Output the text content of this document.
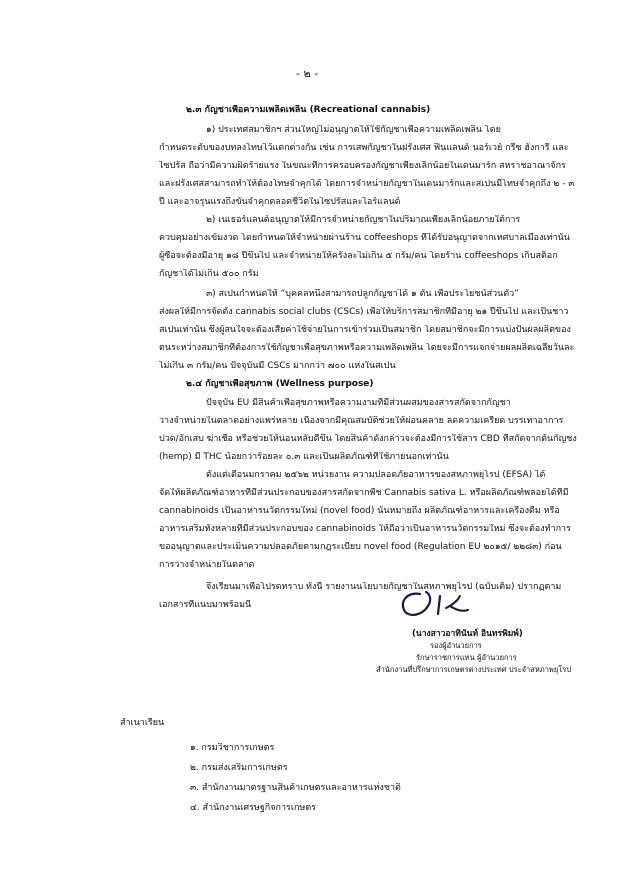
- ๒ -
๒.๓ กัญชาเพื่อความเพลิดเพลิน (Recreational cannabis)
๑) ประเทศสมาชิกฯ ส่วนใหญ่ไม่อนุญาตให้ใช้กัญชาเพื่อความเพลิดเพลิน โดย
กำหนดระดับของบทลงโทษไว้แตกต่างกัน เช่น การเสพกัญชาในฝรั่งเศส ฟินแลนด์ นอร์เวย์ กรีซ ฮังการี และ
ไซปรัส ถือว่ามีความผิดร้ายแรง ในขณะที่การครอบครองกัญชาเพียงเล็กน้อยในเดนมาร์ก สหราชอาณาจักร
และฝรั่งเศสสามารถทำให้ต้องโทษจำคุกได้ โดยการจำหน่ายกัญชาในเดนมาร์กและสเปนมีโทษจำคุกถึง ๒ - ๓
ปี และอาจรุนแรงถึงขั้นจำคุกตลอดชีวิตในไซปรัสและไอร์แลนด์
๒) เนเธอร์แลนด์อนุญาตให้มีการจำหน่ายกัญชาในปริมาณเพียงเล็กน้อยภายใต้การ
ควบคุมอย่างเข้มงวด โดยกำหนดให้จำหน่ายผ่านร้าน coffeeshops ที่ได้รับอนุญาตจากเทศบาลเมืองเท่านั้น
ผู้ซื้อจะต้องมีอายุ ๑๘ ปีขึ้นไป และจำหน่ายให้ครั้งละไม่เกิน ๕ กรัม/คน โดยร้าน coffeeshops เก็บสต็อก
กัญชาได้ไม่เกิน ๕๐๐ กรัม
๓) สเปนกำหนดให้ “บุคคลหนึ่งสามารถปลูกกัญชาได้ ๑ ต้น เพื่อประโยชน์ส่วนตัว”
ส่งผลให้มีการจัดตั้ง cannabis social clubs (CSCs) เพื่อให้บริการสมาชิกที่มีอายุ ๒๑ ปีขึ้นไป และเป็นชาว
สเปนเท่านั้น ซึ่งผู้สนใจจะต้องเสียค่าใช้จ่ายในการเข้าร่วมเป็นสมาชิก โดยสมาชิกจะมีการแบ่งปันผลผลิตของ
ตนระหว่างสมาชิกที่ต้องการใช้กัญชาเพื่อสุขภาพหรือความเพลิดเพลิน โดยจะมีการแจกจ่ายผลผลิตเฉลี่ยวันละ
ไม่เกิน ๓ กรัม/คน ปัจจุบันมี CSCs มากกว่า ๗๐๐ แห่งในสเปน
๒.๔ กัญชาเพื่อสุขภาพ (Wellness purpose)
ปัจจุบัน EU มีสินค้าเพื่อสุขภาพหรือความงามที่มีส่วนผสมของสารสกัดจากกัญชา
วางจำหน่ายในตลาดอย่างแพร่หลาย เนื่องจากมีคุณสมบัติช่วยให้ผ่อนคลาย ลดความเครียด บรรเทาอาการ
ปวด/อักเสบ ฆ่าเชื้อ หรือช่วยให้นอนหลับดีขึ้น โดยสินค้าดังกล่าวจะต้องมีการใช้สาร CBD ที่สกัดจากต้นกัญชง
(hemp) มี THC น้อยกว่าร้อยละ ๐.๓ และเป็นผลิตภัณฑ์ที่ใช้ภายนอกเท่านั้น
ตั้งแต่เดือนมกราคม ๒๕๖๒ หน่วยงาน ความปลอดภัยอาหารของสหภาพยุโรป (EFSA) ได้
จัดให้ผลิตภัณฑ์อาหารที่มีส่วนประกอบของสารสกัดจากพืช Cannabis sativa L. หรือผลิตภัณฑ์พลอยได้ที่มี
cannabinoids เป็นอาหารนวัตกรรมใหม่ (novel food) นั่นหมายถึง ผลิตภัณฑ์อาหารและเครื่องดื่ม หรือ
อาหารเสริมทั้งหลายที่มีส่วนประกอบของ cannabinoids ให้ถือว่าเป็นอาหารนวัตกรรมใหม่ ซึ่งจะต้องทำการ
ขออนุญาตและประเมินความปลอดภัยตามกฎระเบียบ novel food (Regulation EU ๒๐๑๕/ ๒๒๘๓) ก่อน
การวางจำหน่ายในตลาด
จึงเรียนมาเพื่อโปรดทราบ ทั้งนี้ รายงานนโยบายกัญชาในสหภาพยุโรป (ฉบับเต็ม) ปรากฏตาม
เอกสารที่แนบมาพร้อมนี้
(นางสาวอาทินันท์ อินทรพิมพ์)
รองผู้อำนวยการ
รักษาราชการแทน ผู้อำนวยการ
สำนักงานที่ปรึกษาการเกษตรต่างประเทศ ประจำสหภาพยุโรป
สำเนาเรียน
๑. กรมวิชาการเกษตร
๒. กรมส่งเสริมการเกษตร
๓. สำนักงานมาตรฐานสินค้าเกษตรและอาหารแห่งชาติ
๔. สำนักงานเศรษฐกิจการเกษตร
